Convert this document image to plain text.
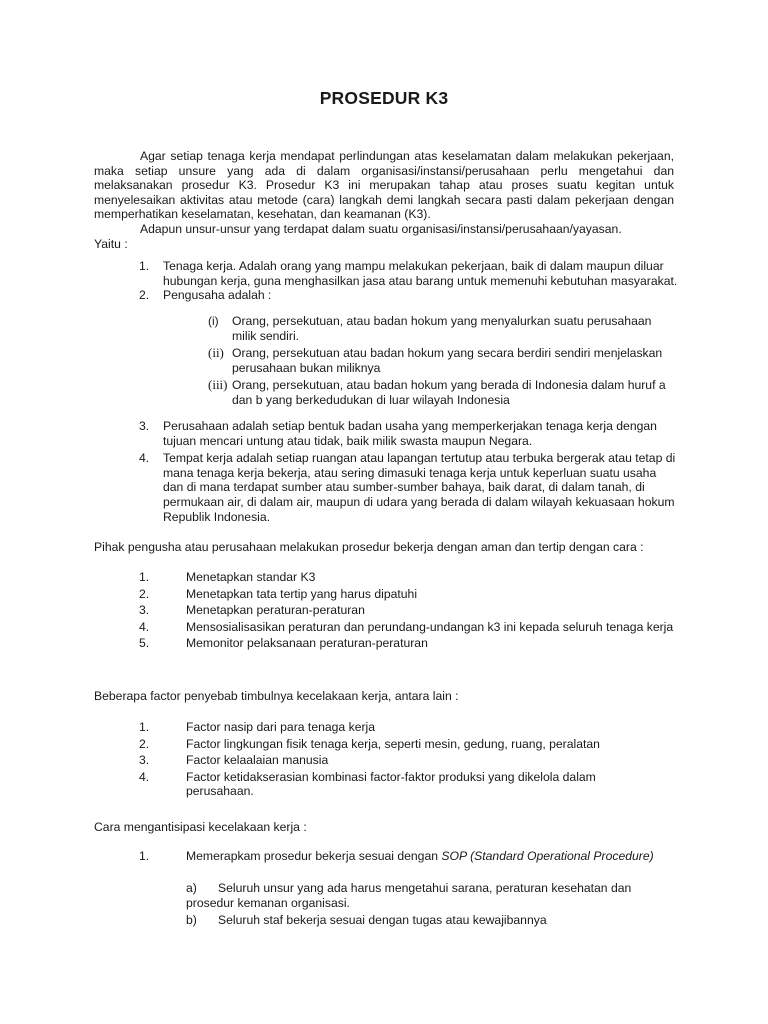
PROSEDUR K3

Agar setiap tenaga kerja mendapat perlindungan atas keselamatan dalam melakukan pekerjaan, maka setiap unsure yang ada di dalam organisasi/instansi/perusahaan perlu mengetahui dan melaksanakan prosedur K3. Prosedur K3 ini merupakan tahap atau proses suatu kegitan untuk menyelesaikan aktivitas atau metode (cara) langkah demi langkah secara pasti dalam pekerjaan dengan memperhatikan keselamatan, kesehatan, dan keamanan (K3).

Adapun unsur-unsur yang terdapat dalam suatu organisasi/instansi/perusahaan/yayasan.

Yaitu :

1. Tenaga kerja. Adalah orang yang mampu melakukan pekerjaan, baik di dalam maupun diluar hubungan kerja, guna menghasilkan jasa atau barang untuk memenuhi kebutuhan masyarakat.
2. Pengusaha adalah :
(i) Orang, persekutuan, atau badan hokum yang menyalurkan suatu perusahaan milik sendiri.
(ii) Orang, persekutuan atau badan hokum yang secara berdiri sendiri menjelaskan perusahaan bukan miliknya
(iii) Orang, persekutuan, atau badan hokum yang berada di Indonesia dalam huruf a dan b yang berkedudukan di luar wilayah Indonesia
3. Perusahaan adalah setiap bentuk badan usaha yang memperkerjakan tenaga kerja dengan tujuan mencari untung atau tidak, baik milik swasta maupun Negara.
4. Tempat kerja adalah setiap ruangan atau lapangan tertutup atau terbuka bergerak atau tetap di mana tenaga kerja bekerja, atau sering dimasuki tenaga kerja untuk keperluan suatu usaha dan di mana terdapat sumber atau sumber-sumber bahaya, baik darat, di dalam tanah, di permukaan air, di dalam air, maupun di udara yang berada di dalam wilayah kekuasaan hokum Republik Indonesia.
Pihak pengusha atau perusahaan melakukan prosedur bekerja dengan aman dan tertip dengan cara :
1.	Menetapkan standar K3
2.	Menetapkan tata tertip yang harus dipatuhi
3.	Menetapkan peraturan-peraturan
4.	Mensosialisasikan peraturan dan perundang-undangan k3 ini kepada seluruh tenaga kerja
5.	Memonitor pelaksanaan peraturan-peraturan
Beberapa factor penyebab timbulnya kecelakaan kerja, antara lain :
1.	Factor nasip dari para tenaga kerja
2.	Factor lingkungan fisik tenaga kerja, seperti mesin, gedung, ruang, peralatan
3.	Factor kelaalaian manusia
4.	Factor ketidakserasian kombinasi factor-faktor produksi yang dikelola dalam perusahaan.
Cara mengantisipasi kecelakaan kerja :
1.	Memerapkam prosedur bekerja sesuai dengan SOP (Standard Operational Procedure)
a)	Seluruh unsur yang ada harus mengetahui sarana, peraturan kesehatan dan prosedur kemanan organisasi.
b)	Seluruh staf bekerja sesuai dengan tugas atau kewajibannya
